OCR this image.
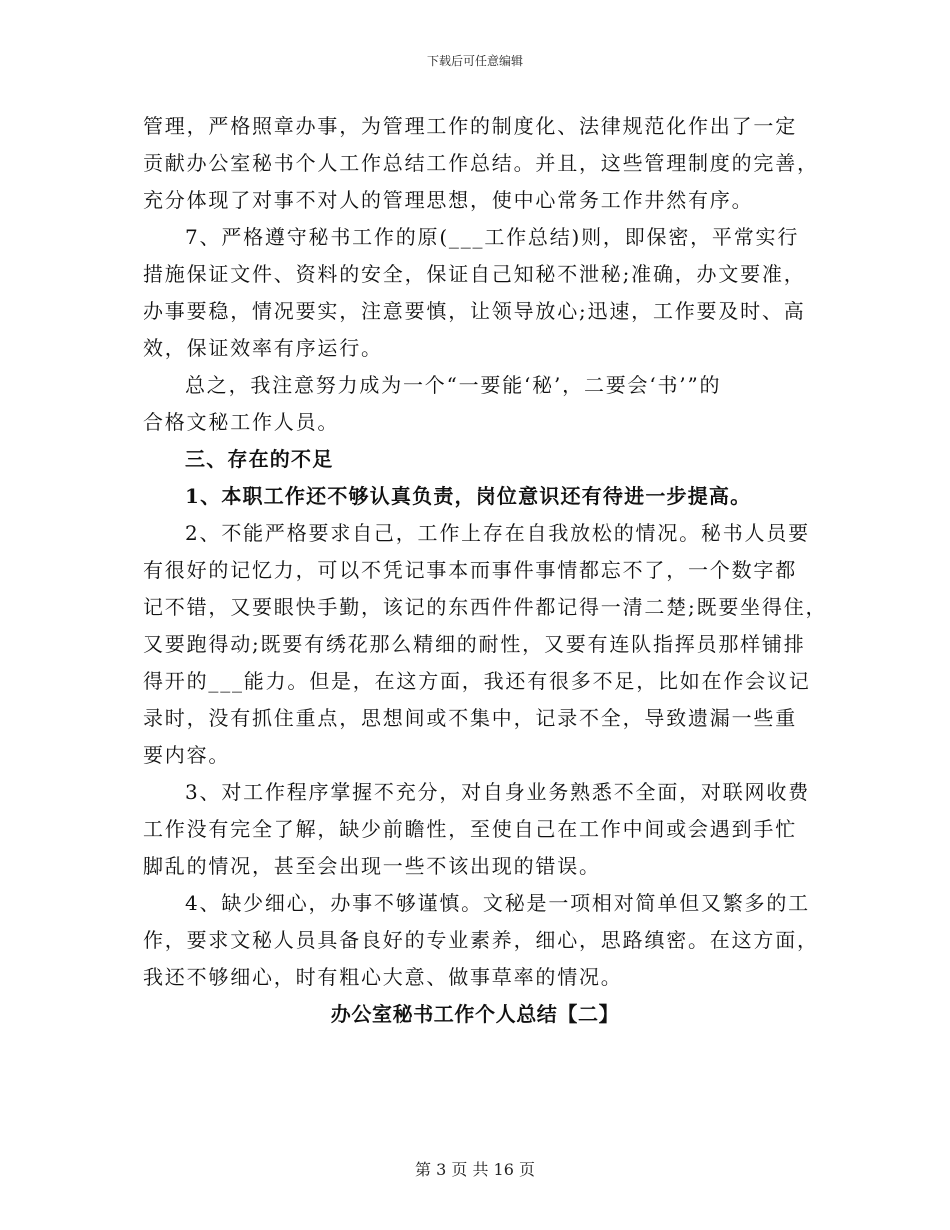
下载后可任意编辑
管理，严格照章办事，为管理工作的制度化、法律规范化作出了一定
贡献办公室秘书个人工作总结工作总结。并且，这些管理制度的完善，
充分体现了对事不对人的管理思想，使中心常务工作井然有序。
7、严格遵守秘书工作的原(___工作总结)则，即保密，平常实行
措施保证文件、资料的安全，保证自己知秘不泄秘;准确，办文要准，
办事要稳，情况要实，注意要慎，让领导放心;迅速，工作要及时、高
效，保证效率有序运行。
总之，我注意努力成为一个“一要能‘秘’，二要会‘书’”的
合格文秘工作人员。
三、存在的不足
1、本职工作还不够认真负责，岗位意识还有待进一步提高。
2、不能严格要求自己，工作上存在自我放松的情况。秘书人员要
有很好的记忆力，可以不凭记事本而事件事情都忘不了，一个数字都
记不错，又要眼快手勤，该记的东西件件都记得一清二楚;既要坐得住，
又要跑得动;既要有绣花那么精细的耐性，又要有连队指挥员那样铺排
得开的___能力。但是，在这方面，我还有很多不足，比如在作会议记
录时，没有抓住重点，思想间或不集中，记录不全，导致遗漏一些重
要内容。
3、对工作程序掌握不充分，对自身业务熟悉不全面，对联网收费
工作没有完全了解，缺少前瞻性，至使自己在工作中间或会遇到手忙
脚乱的情况，甚至会出现一些不该出现的错误。
4、缺少细心，办事不够谨慎。文秘是一项相对简单但又繁多的工
作，要求文秘人员具备良好的专业素养，细心，思路缜密。在这方面，
我还不够细心，时有粗心大意、做事草率的情况。
办公室秘书工作个人总结【二】
第 3 页 共 16 页
